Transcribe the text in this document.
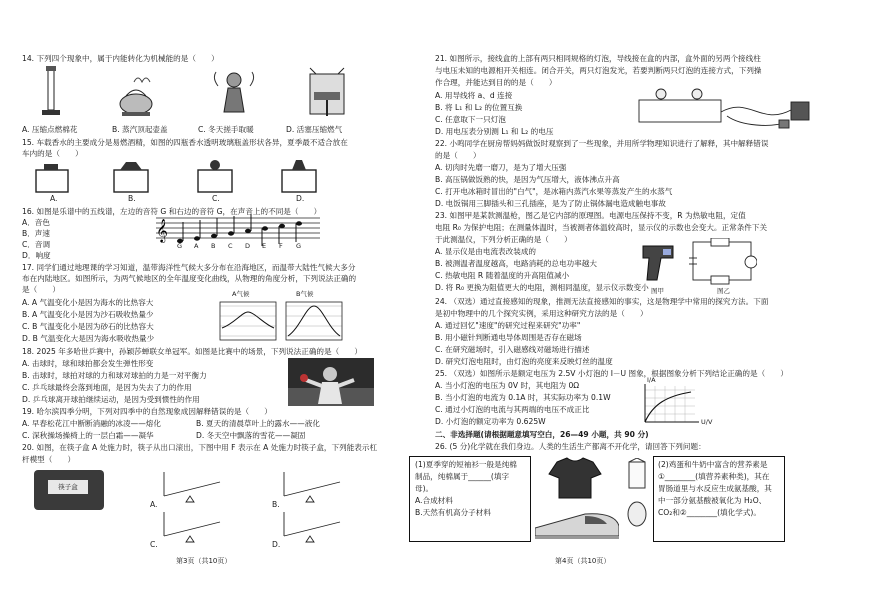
14. 下列四个现象中，属于内能转化为机械能的是（　　）
A. 压缩点燃棉花	B. 蒸汽顶起壶盖	C. 冬天搓手取暖	D. 活塞压缩燃气
15. 车载香水的主要成分是易燃酒精，如图的四瓶香水透明玻璃瓶盖形状各异，夏季最不适合放在
车内的是（　　）
A.	B.	C.	D.
16. 如图是乐谱中的五线谱，左边的音符 G 和右边的音符 G，在声音上的不同是（　　）
A．音色
B．声速
C．音调
D．响度
𝄞
G A B C D E F G
17. 同学们通过地理课的学习知道，温带海洋性气候大多分布在沿海地区，而温带大陆性气候大多分
布在内陆地区。如图所示，为两气候地区的全年温度变化曲线，从物理的角度分析，下列说法正确的
是（　　）
A. A 气温变化小是因为海水的比热容大
B. A 气温变化小是因为沙石吸收热量少
C. B 气温变化小是因为砂石的比热容大
D. B 气温变化大是因为海水吸收热量少
A气候	B气候
18. 2025 年多哈世乒赛中，孙颖莎蝉联女单冠军。如图是比赛中的场景，下列说法正确的是（　　）
A. 击球时，球和球拍都会发生弹性形变
B. 击球时，球拍对球的力和球对球拍的力是一对平衡力
C. 乒乓球最终会落到地面，是因为失去了力的作用
D. 乒乓球离开球拍继续运动，是因为受到惯性的作用
19. 哈尔滨四季分明，下列对四季中的自然现象成因解释错误的是（　　）
A. 早春松花江中断断消融的冰凌——熔化	B. 夏天的清晨草叶上的露水——液化
C. 深秋操场操椅上的一层白霜——凝华	D. 冬天空中飘落的雪花——凝固
20. 如图，在筷子盒 A 处施力时，筷子从出口滚出，下图中用 F 表示在 A 处施力时筷子盒，下列能表示杠
杆模型（　　）
筷子盒
A.	B.
C.	D.
第3页（共10页）
21. 如图所示，接线盒的上部有两只相同规格的灯泡，导线接在盒的内部，盒外面的另两个接线柱
与电压未知的电源相开关相连。闭合开关，两只灯泡发光，若要判断两只灯泡的连接方式，下列操
作合理，并能达到目的的是（　　）
A. 用导线将 a、d 连接
B. 将 L₁ 和 L₂ 的位置互换
C. 任意取下一只灯泡
D. 用电压表分别测 L₁ 和 L₂ 的电压
22. 小鸣同学在厨房帮妈妈做饭时观察到了一些现象，并用所学物理知识进行了解释，其中解释错误
的是（　　）
A. 切肉时先磨一磨刀，是为了增大压强
B. 高压锅做饭熟的快，是因为气压增大，液体沸点升高
C. 打开电冰箱时冒出的"白气"，是冰箱内蒸汽水果等蒸发产生的水蒸气
D. 电饭锅用三脚插头和三孔插座，是为了防止锅体漏电造成触电事故
23. 如图甲是某款测温枪，图乙是它内部的原理图。电源电压保持不变，R 为热敏电阻，定值
电阻 R₀ 为保护电阻；在测量体温时，当被测者体温较高时，显示仪的示数也会变大。正常条件下关
于此测温仪，下列分析正确的是（　　）
A. 显示仪是由电流表改装成的
B. 被测温者温度越高，电路消耗的总电功率越大
C. 热敏电阻 R 随着温度的升高阻值减小
D. 将 R₀ 更换为阻值更大的电阻，测相同温度，显示仪示数变小 图甲	图乙
24. （双选）通过直接感知的现象，推测无法直接感知的事实，这是物理学中常用的探究方法。下面
是初中物理中的几个探究实例，采用这种研究方法的是（　　）
A. 通过回忆"速度"的研究过程来研究"功率"
B. 用小磁针判断通电导体周围是否存在磁场
C. 在研究磁场时，引入磁感线对磁场进行描述
D. 研究灯泡电阻时，由灯泡的亮度来反映灯丝的温度
25. （双选）如图所示是额定电压为 2.5V 小灯泡的 I－U 图象，根据图象分析下列结论正确的是（　　）
A. 当小灯泡的电压为 0V 时，其电阻为 0Ω
B. 当小灯泡的电流为 0.1A 时，其实际功率为 0.1W
C. 通过小灯泡的电流与其两端的电压不成正比
D. 小灯泡的额定功率为 0.625W
I/A
U/V
二、非选择题(请根据题意填写空白，26—49 小题，共 90 分)
26. (5 分)化学就在我们身边。人类的生活生产都离不开化学，请回答下列问题：
(1)夏季穿的短袖衫一般是纯棉
制品，纯棉属于______(填字
母)。
A.合成材料
B.天然有机高分子材料
(2)鸡蛋和牛奶中富含的营养素是
①________(填营养素种类)，其在
胃肠道里与水反应生成氨基酸，其
中一部分氨基酸被氧化为 H₂O、
CO₂和②________(填化学式)。
第4页（共10页）
